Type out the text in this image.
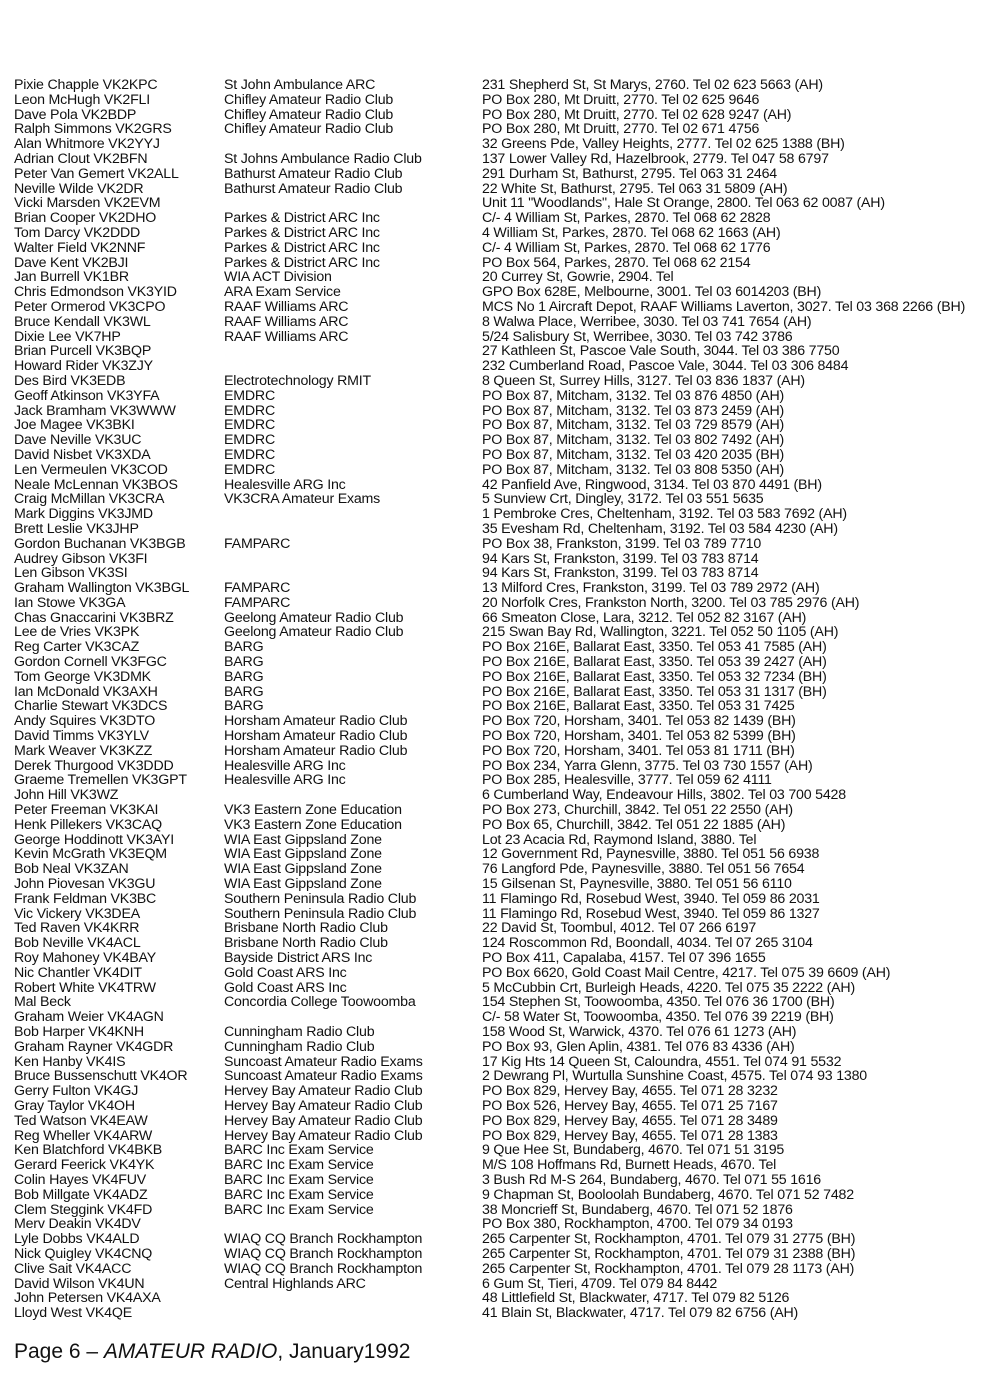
Pixie Chapple VK2KPC
Leon McHugh VK2FLI
Dave Pola VK2BDP
Ralph Simmons VK2GRS
Alan Whitmore VK2YYJ
Adrian Clout VK2BFN
Peter Van Gemert VK2ALL
Neville Wilde VK2DR
Vicki Marsden VK2EVM
Brian Cooper VK2DHO
Tom Darcy VK2DDD
Walter Field VK2NNF
Dave Kent VK2BJI
Jan Burrell VK1BR
Chris Edmondson VK3YID
Peter Ormerod VK3CPO
Bruce Kendall VK3WL
Dixie Lee VK7HP
Brian Purcell VK3BQP
Howard Rider VK3ZJY
Des Bird VK3EDB
Geoff Atkinson VK3YFA
Jack Bramham VK3WWW
Joe Magee VK3BKI
Dave Neville VK3UC
David Nisbet VK3XDA
Len Vermeulen VK3COD
Neale McLennan VK3BOS
Craig McMillan VK3CRA
Mark Diggins VK3JMD
Brett Leslie VK3JHP
Gordon Buchanan VK3BGB
Audrey Gibson VK3FI
Len Gibson VK3SI
Graham Wallington VK3BGL
Ian Stowe VK3GA
Chas Gnaccarini VK3BRZ
Lee de Vries VK3PK
Reg Carter VK3CAZ
Gordon Cornell VK3FGC
Tom George VK3DMK
Ian McDonald VK3AXH
Charlie Stewart VK3DCS
Andy Squires VK3DTO
David Timms VK3YLV
Mark Weaver VK3KZZ
Derek Thurgood VK3DDD
Graeme Tremellen VK3GPT
John Hill VK3WZ
Peter Freeman VK3KAI
Henk Pillekers VK3CAQ
George Hoddinott VK3AYI
Kevin McGrath VK3EQM
Bob Neal VK3ZAN
John Piovesan VK3GU
Frank Feldman VK3BC
Vic Vickery VK3DEA
Ted Raven VK4KRR
Bob Neville VK4ACL
Roy Mahoney VK4BAY
Nic Chantler VK4DIT
Robert White VK4TRW
Mal Beck
Graham Weier VK4AGN
Bob Harper VK4KNH
Graham Rayner VK4GDR
Ken Hanby VK4IS
Bruce Bussenschutt VK4OR
Gerry Fulton VK4GJ
Gray Taylor VK4OH
Ted Watson VK4EAW
Reg Wheller VK4ARW
Ken Blatchford VK4BKB
Gerard Feerick VK4YK
Colin Hayes VK4FUV
Bob Millgate VK4ADZ
Clem Steggink VK4FD
Merv Deakin VK4DV
Lyle Dobbs VK4ALD
Nick Quigley VK4CNQ
Clive Sait VK4ACC
David Wilson VK4UN
John Petersen VK4AXA
Lloyd West VK4QE
St John Ambulance ARC
Chifley Amateur Radio Club
Chifley Amateur Radio Club
Chifley Amateur Radio Club
St Johns Ambulance Radio Club
Bathurst Amateur Radio Club
Bathurst Amateur Radio Club
Parkes & District ARC Inc
Parkes & District ARC Inc
Parkes & District ARC Inc
Parkes & District ARC Inc
WIA ACT Division
ARA Exam Service
RAAF Williams ARC
RAAF Williams ARC
RAAF Williams ARC
Electrotechnology RMIT
EMDRC
EMDRC
EMDRC
EMDRC
EMDRC
EMDRC
Healesville ARG Inc
VK3CRA Amateur Exams
FAMPARC
FAMPARC
FAMPARC
Geelong Amateur Radio Club
Geelong Amateur Radio Club
BARG
BARG
BARG
BARG
BARG
Horsham Amateur Radio Club
Horsham Amateur Radio Club
Horsham Amateur Radio Club
Healesville ARG Inc
Healesville ARG Inc
VK3 Eastern Zone Education
VK3 Eastern Zone Education
WIA East Gippsland Zone
WIA East Gippsland Zone
WIA East Gippsland Zone
WIA East Gippsland Zone
Southern Peninsula Radio Club
Southern Peninsula Radio Club
Brisbane North Radio Club
Brisbane North Radio Club
Bayside District ARS Inc
Gold Coast ARS Inc
Gold Coast ARS Inc
Concordia College Toowoomba
Cunningham Radio Club
Cunningham Radio Club
Suncoast Amateur Radio Exams
Suncoast Amateur Radio Exams
Hervey Bay Amateur Radio Club
Hervey Bay Amateur Radio Club
Hervey Bay Amateur Radio Club
Hervey Bay Amateur Radio Club
BARC Inc Exam Service
BARC Inc Exam Service
BARC Inc Exam Service
BARC Inc Exam Service
BARC Inc Exam Service
WIAQ CQ Branch Rockhampton
WIAQ CQ Branch Rockhampton
WIAQ CQ Branch Rockhampton
Central Highlands ARC
231 Shepherd St, St Marys, 2760. Tel 02 623 5663 (AH)
PO Box 280, Mt Druitt, 2770. Tel 02 625 9646
PO Box 280, Mt Druitt, 2770. Tel 02 628 9247 (AH)
PO Box 280, Mt Druitt, 2770. Tel 02 671 4756
32 Greens Pde, Valley Heights, 2777. Tel 02 625 1388 (BH)
137 Lower Valley Rd, Hazelbrook, 2779. Tel 047 58 6797
291 Durham St, Bathurst, 2795. Tel 063 31 2464
22 White St, Bathurst, 2795. Tel 063 31 5809 (AH)
Unit 11 "Woodlands", Hale St Orange, 2800. Tel 063 62 0087 (AH)
C/- 4 William St, Parkes, 2870. Tel 068 62 2828
4 William St, Parkes, 2870. Tel 068 62 1663 (AH)
C/- 4 William St, Parkes, 2870. Tel 068 62 1776
PO Box 564, Parkes, 2870. Tel 068 62 2154
20 Currey St, Gowrie, 2904. Tel
GPO Box 628E, Melbourne, 3001. Tel 03 6014203 (BH)
MCS No 1 Aircraft Depot, RAAF Williams Laverton, 3027. Tel 03 368 2266 (BH)
8 Walwa Place, Werribee, 3030. Tel 03 741 7654 (AH)
5/24 Salisbury St, Werribee, 3030. Tel 03 742 3786
27 Kathleen St, Pascoe Vale South, 3044. Tel 03 386 7750
232 Cumberland Road, Pascoe Vale, 3044. Tel 03 306 8484
8 Queen St, Surrey Hills, 3127. Tel 03 836 1837 (AH)
PO Box 87, Mitcham, 3132. Tel 03 876 4850 (AH)
PO Box 87, Mitcham, 3132. Tel 03 873 2459 (AH)
PO Box 87, Mitcham, 3132. Tel 03 729 8579 (AH)
PO Box 87, Mitcham, 3132. Tel 03 802 7492 (AH)
PO Box 87, Mitcham, 3132. Tel 03 420 2035 (BH)
PO Box 87, Mitcham, 3132. Tel 03 808 5350 (AH)
42 Panfield Ave, Ringwood, 3134. Tel 03 870 4491 (BH)
5 Sunview Crt, Dingley, 3172. Tel 03 551 5635
1 Pembroke Cres, Cheltenham, 3192. Tel 03 583 7692 (AH)
35 Evesham Rd, Cheltenham, 3192. Tel 03 584 4230 (AH)
PO Box 38, Frankston, 3199. Tel 03 789 7710
94 Kars St, Frankston, 3199. Tel 03 783 8714
94 Kars St, Frankston, 3199. Tel 03 783 8714
13 Milford Cres, Frankston, 3199. Tel 03 789 2972 (AH)
20 Norfolk Cres, Frankston North, 3200. Tel 03 785 2976 (AH)
66 Smeaton Close, Lara, 3212. Tel 052 82 3167 (AH)
215 Swan Bay Rd, Wallington, 3221. Tel 052 50 1105 (AH)
PO Box 216E, Ballarat East, 3350. Tel 053 41 7585 (AH)
PO Box 216E, Ballarat East, 3350. Tel 053 39 2427 (AH)
PO Box 216E, Ballarat East, 3350. Tel 053 32 7234 (BH)
PO Box 216E, Ballarat East, 3350. Tel 053 31 1317 (BH)
PO Box 216E, Ballarat East, 3350. Tel 053 31 7425
PO Box 720, Horsham, 3401. Tel 053 82 1439 (BH)
PO Box 720, Horsham, 3401. Tel 053 82 5399 (BH)
PO Box 720, Horsham, 3401. Tel 053 81 1711 (BH)
PO Box 234, Yarra Glenn, 3775. Tel 03 730 1557 (AH)
PO Box 285, Healesville, 3777. Tel 059 62 4111
6 Cumberland Way, Endeavour Hills, 3802. Tel 03 700 5428
PO Box 273, Churchill, 3842. Tel 051 22 2550 (AH)
PO Box 65, Churchill, 3842. Tel 051 22 1885 (AH)
Lot 23 Acacia Rd, Raymond Island, 3880. Tel
12 Government Rd, Paynesville, 3880. Tel 051 56 6938
76 Langford Pde, Paynesville, 3880. Tel 051 56 7654
15 Gilsenan St, Paynesville, 3880. Tel 051 56 6110
11 Flamingo Rd, Rosebud West, 3940. Tel 059 86 2031
11 Flamingo Rd, Rosebud West, 3940. Tel 059 86 1327
22 David St, Toombul, 4012. Tel 07 266 6197
124 Roscommon Rd, Boondall, 4034. Tel 07 265 3104
PO Box 411, Capalaba, 4157. Tel 07 396 1655
PO Box 6620, Gold Coast Mail Centre, 4217. Tel 075 39 6609 (AH)
5 McCubbin Crt, Burleigh Heads, 4220. Tel 075 35 2222 (AH)
154 Stephen St, Toowoomba, 4350. Tel 076 36 1700 (BH)
C/- 58 Water St, Toowoomba, 4350. Tel 076 39 2219 (BH)
158 Wood St, Warwick, 4370. Tel 076 61 1273 (AH)
PO Box 93, Glen Aplin, 4381. Tel 076 83 4336 (AH)
17 Kig Hts 14 Queen St, Caloundra, 4551. Tel 074 91 5532
2 Dewrang Pl, Wurtulla Sunshine Coast, 4575. Tel 074 93 1380
PO Box 829, Hervey Bay, 4655. Tel 071 28 3232
PO Box 526, Hervey Bay, 4655. Tel 071 25 7167
PO Box 829, Hervey Bay, 4655. Tel 071 28 3489
PO Box 829, Hervey Bay, 4655. Tel 071 28 1383
9 Que Hee St, Bundaberg, 4670. Tel 071 51 3195
M/S 108 Hoffmans Rd, Burnett Heads, 4670. Tel
3 Bush Rd M-S 264, Bundaberg, 4670. Tel 071 55 1616
9 Chapman St, Booloolah Bundaberg, 4670. Tel 071 52 7482
38 Moncrieff St, Bundaberg, 4670. Tel 071 52 1876
PO Box 380, Rockhampton, 4700. Tel 079 34 0193
265 Carpenter St, Rockhampton, 4701. Tel 079 31 2775 (BH)
265 Carpenter St, Rockhampton, 4701. Tel 079 31 2388 (BH)
265 Carpenter St, Rockhampton, 4701. Tel 079 28 1173 (AH)
6 Gum St, Tieri, 4709. Tel 079 84 8442
48 Littlefield St, Blackwater, 4717. Tel 079 82 5126
41 Blain St, Blackwater, 4717. Tel 079 82 6756 (AH)
Page 6 – AMATEUR RADIO, January1992
